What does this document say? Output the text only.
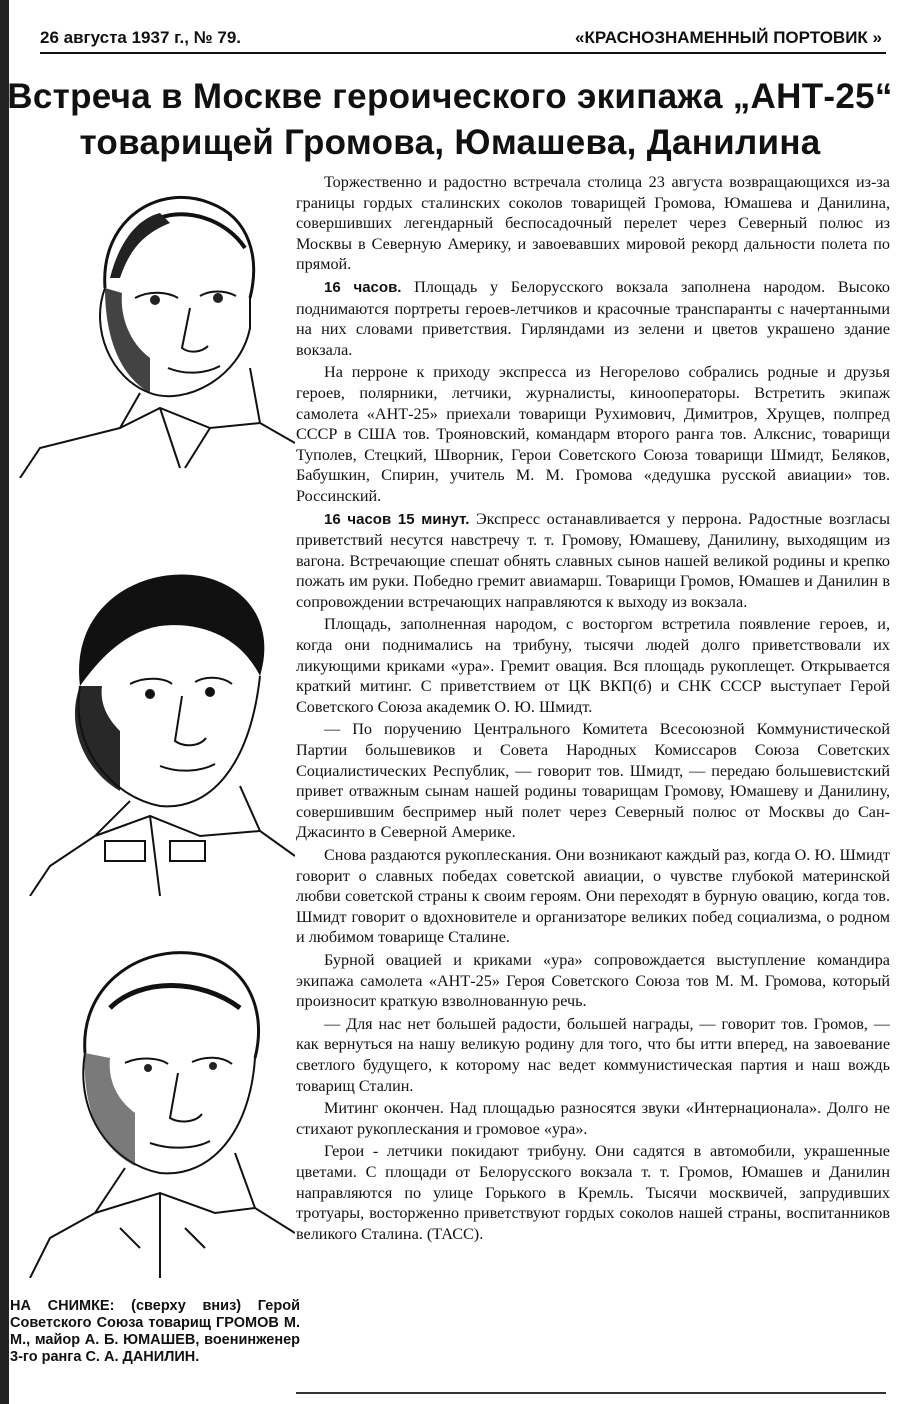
26 августа 1937 г., № 79.	«КРАСНОЗНАМЕННЫЙ ПОРТОВИК »
Встреча в Москве героического экипажа „АНТ-25“
товарищей Громова, Юмашева, Данилина
НА СНИМКЕ: (сверху вниз) Герой Советского Союза товарищ ГРОМОВ М. М., майор А. Б. ЮМАШЕВ, военинженер 3-го ранга С. А. ДАНИЛИН.

Торжественно и радостно встречала столица 23 августа возвращающихся из-за границы гордых сталинских соколов товарищей Громова, Юмашева и Данилина, совершивших легендарный беспосадочный перелет через Северный полюс из Москвы в Северную Америку, и завоевавших мировой рекорд дальности полета по прямой.

16 часов. Площадь у Белорусского вокзала заполнена народом. Высоко поднимаются портреты героев-летчиков и красочные транспаранты с начертанными на них словами приветствия. Гирляндами из зелени и цветов украшено здание вокзала.

На перроне к приходу экспресса из Негорелово собрались родные и друзья героев, полярники, летчики, журналисты, кинооператоры. Встретить экипаж самолета «АНТ-25» приехали товарищи Рухимович, Димитров, Хрущев, полпред СССР в США тов. Трояновский, командарм второго ранга тов. Алкснис, товарищи Туполев, Стецкий, Шворник, Герои Советского Союза товарищи Шмидт, Беляков, Бабушкин, Спирин, учитель М. М. Громова «дедушка русской авиации» тов. Россинский.

16 часов 15 минут. Экспресс останавливается у перрона. Радостные возгласы приветствий несутся навстречу т. т. Громову, Юмашеву, Данилину, выходящим из вагона. Встречающие спешат обнять славных сынов нашей великой родины и крепко пожать им руки. Победно гремит авиамарш. Товарищи Громов, Юмашев и Данилин в сопровождении встречающих направляются к выходу из вокзала.

Площадь, заполненная народом, с восторгом встретила появление героев, и, когда они поднимались на трибуну, тысячи людей долго приветствовали их ликующими криками «ура». Гремит овация. Вся площадь рукоплещет. Открывается краткий митинг. С приветствием от ЦК ВКП(б) и СНК СССР выступает Герой Советского Союза академик О. Ю. Шмидт.

— По поручению Центрального Комитета Всесоюзной Коммунистической Партии большевиков и Совета Народных Комиссаров Союза Советских Социалистических Республик, — говорит тов. Шмидт, — передаю большевистский привет отважным сынам нашей родины товарищам Громову, Юмашеву и Данилину, совершившим беспример ный полет через Северный полюс от Москвы до Сан-Джасинто в Северной Америке.

Снова раздаются рукоплескания. Они возникают каждый раз, когда О. Ю. Шмидт говорит о славных победах советской авиации, о чувстве глубокой материнской любви советской страны к своим героям. Они переходят в бурную овацию, когда тов. Шмидт говорит о вдохновителе и организаторе великих побед социализма, о родном и любимом товарище Сталине.

Бурной овацией и криками «ура» сопровождается выступление командира экипажа самолета «АНТ-25» Героя Советского Союза тов М. М. Громова, который произносит краткую взволнованную речь.

— Для нас нет большей радости, большей награды, — говорит тов. Громов, — как вернуться на нашу великую родину для того, что бы итти вперед, на завоевание светлого будущего, к которому нас ведет коммунистическая партия и наш вождь товарищ Сталин.

Митинг окончен. Над площадью разносятся звуки «Интернационала». Долго не стихают рукоплескания и громовое «ура».

Герои - летчики покидают трибуну. Они садятся в автомобили, украшенные цветами. С площади от Белорусского вокзала т. т. Громов, Юмашев и Данилин направляются по улице Горького в Кремль. Тысячи москвичей, запрудивших тротуары, восторженно приветствуют гордых соколов нашей страны, воспитанников великого Сталина. (ТАСС).
